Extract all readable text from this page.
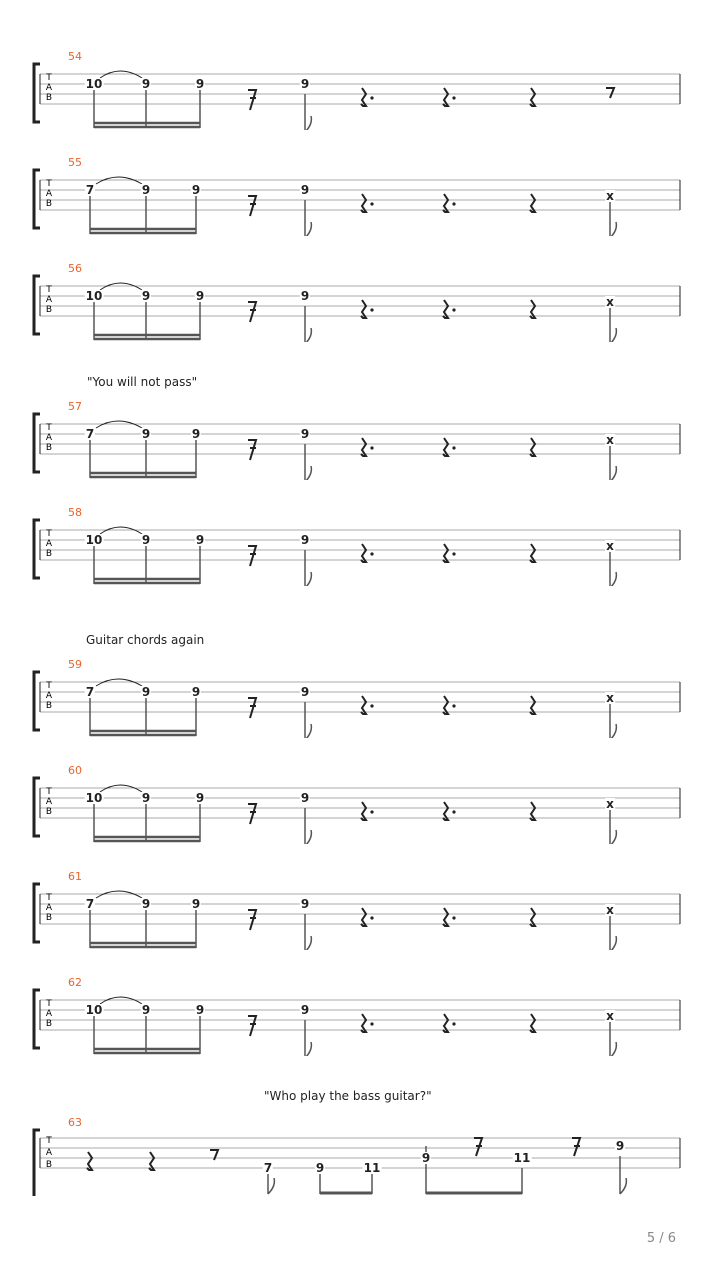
"You will not pass"
Guitar chords again
"Who play the bass guitar?"
54
T
A
B
10	9	9	9
55
T
A
B
7	9	9	9	x
56
T
A
B
10	9	9	9	x
57
T
A
B
7	9	9	9	x
58
T
A
B
10	9	9	9	x
59
T
A
B
7	9	9	9	x
60
T
A
B
10	9	9	9	x
61
T
A
B
7	9	9	9	x
62
T
A
B
10	9	9	9	x
63
T
A
B	7	9	11
9	11
9
5 / 6
